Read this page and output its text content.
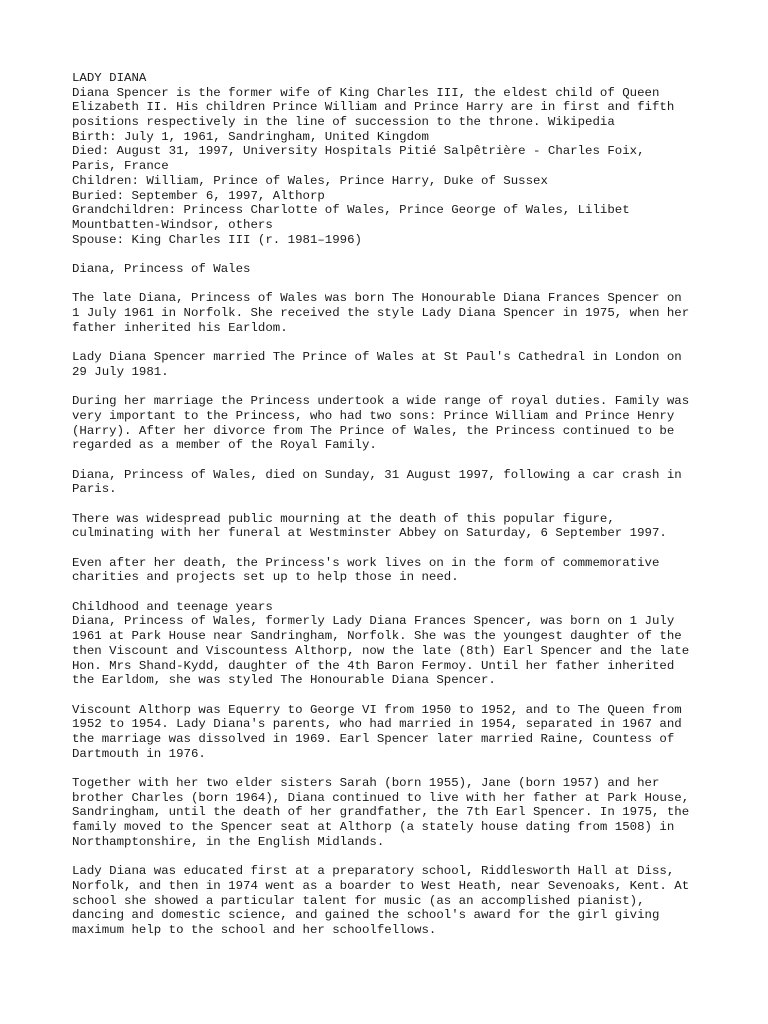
LADY DIANA
Diana Spencer is the former wife of King Charles III, the eldest child of Queen
Elizabeth II. His children Prince William and Prince Harry are in first and fifth
positions respectively in the line of succession to the throne. Wikipedia
Birth: July 1, 1961, Sandringham, United Kingdom
Died: August 31, 1997, University Hospitals Pitié Salpêtrière - Charles Foix,
Paris, France
Children: William, Prince of Wales, Prince Harry, Duke of Sussex
Buried: September 6, 1997, Althorp
Grandchildren: Princess Charlotte of Wales, Prince George of Wales, Lilibet
Mountbatten-Windsor, others
Spouse: King Charles III (r. 1981–1996)
Diana, Princess of Wales
The late Diana, Princess of Wales was born The Honourable Diana Frances Spencer on
1 July 1961 in Norfolk. She received the style Lady Diana Spencer in 1975, when her
father inherited his Earldom.
Lady Diana Spencer married The Prince of Wales at St Paul's Cathedral in London on
29 July 1981.
During her marriage the Princess undertook a wide range of royal duties. Family was
very important to the Princess, who had two sons: Prince William and Prince Henry
(Harry). After her divorce from The Prince of Wales, the Princess continued to be
regarded as a member of the Royal Family.
Diana, Princess of Wales, died on Sunday, 31 August 1997, following a car crash in
Paris.
There was widespread public mourning at the death of this popular figure,
culminating with her funeral at Westminster Abbey on Saturday, 6 September 1997.
Even after her death, the Princess's work lives on in the form of commemorative
charities and projects set up to help those in need.
Childhood and teenage years
Diana, Princess of Wales, formerly Lady Diana Frances Spencer, was born on 1 July
1961 at Park House near Sandringham, Norfolk. She was the youngest daughter of the
then Viscount and Viscountess Althorp, now the late (8th) Earl Spencer and the late
Hon. Mrs Shand-Kydd, daughter of the 4th Baron Fermoy. Until her father inherited
the Earldom, she was styled The Honourable Diana Spencer.
Viscount Althorp was Equerry to George VI from 1950 to 1952, and to The Queen from
1952 to 1954. Lady Diana's parents, who had married in 1954, separated in 1967 and
the marriage was dissolved in 1969. Earl Spencer later married Raine, Countess of
Dartmouth in 1976.
Together with her two elder sisters Sarah (born 1955), Jane (born 1957) and her
brother Charles (born 1964), Diana continued to live with her father at Park House,
Sandringham, until the death of her grandfather, the 7th Earl Spencer. In 1975, the
family moved to the Spencer seat at Althorp (a stately house dating from 1508) in
Northamptonshire, in the English Midlands.
Lady Diana was educated first at a preparatory school, Riddlesworth Hall at Diss,
Norfolk, and then in 1974 went as a boarder to West Heath, near Sevenoaks, Kent. At
school she showed a particular talent for music (as an accomplished pianist),
dancing and domestic science, and gained the school's award for the girl giving
maximum help to the school and her schoolfellows.
